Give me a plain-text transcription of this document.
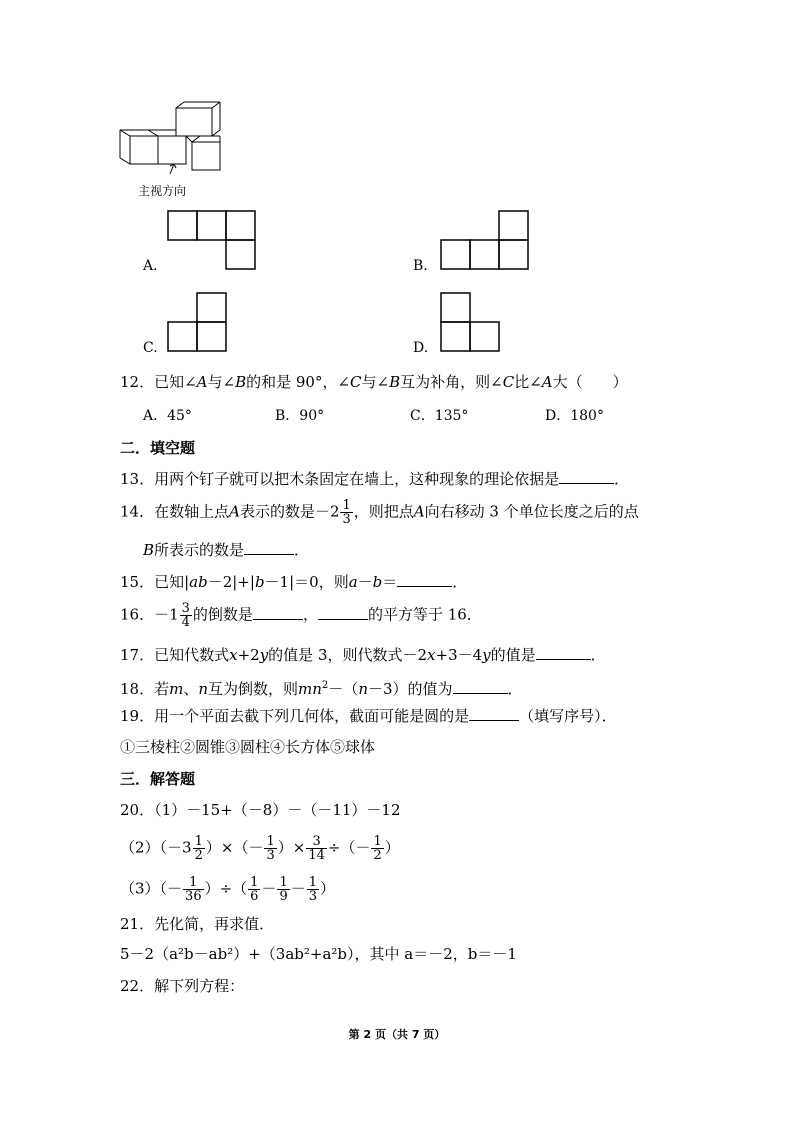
主视方向
A.	B.
C.	D.
12．已知∠A与∠B的和是 90°，∠C与∠B互为补角，则∠C比∠A大（　　）
A．45°	B．90°	C．135°	D．180°
二．填空题
13．用两个钉子就可以把木条固定在墙上，这种现象的理论依据是	．
14．在数轴上点A表示的数是$-2 \frac{1}{3}$ ，则把点A向右移动 3 个单位长度之后的点
B所表示的数是	．
15．已知|ab－2|+|b－1|＝0，则a－b＝	．
16．$-1 \frac{3}{4}$ 的倒数是	，	的平方等于 16．
17．已知代数式x+2y的值是 3，则代数式－2x+3－4y的值是	．
18．若m、n互为倒数，则$mn^2-(n-3)$的值为	．
19．用一个平面去截下列几何体，截面可能是圆的是	（填写序号）．
①三棱柱②圆锥③圆柱④长方体⑤球体
三．解答题
20．（1）－15+（－8）－（－11）－12
$(2)(-3 \frac{1}{2}$ ）×（－ $\frac{1}{3}$ ）× $\frac{3}{14}$ ÷（－ $\frac{1}{2}$ ）
$(3)(- \frac{1}{36}$ ）÷（ $\frac{1}{6} - \frac{1}{9} - \frac{1}{3}$ ）
21．先化简，再求值．
5－2（a²b－ab²）+（3ab²+a²b），其中 a＝－2，b＝－1
22．解下列方程：
第 2 页（共 7 页）
